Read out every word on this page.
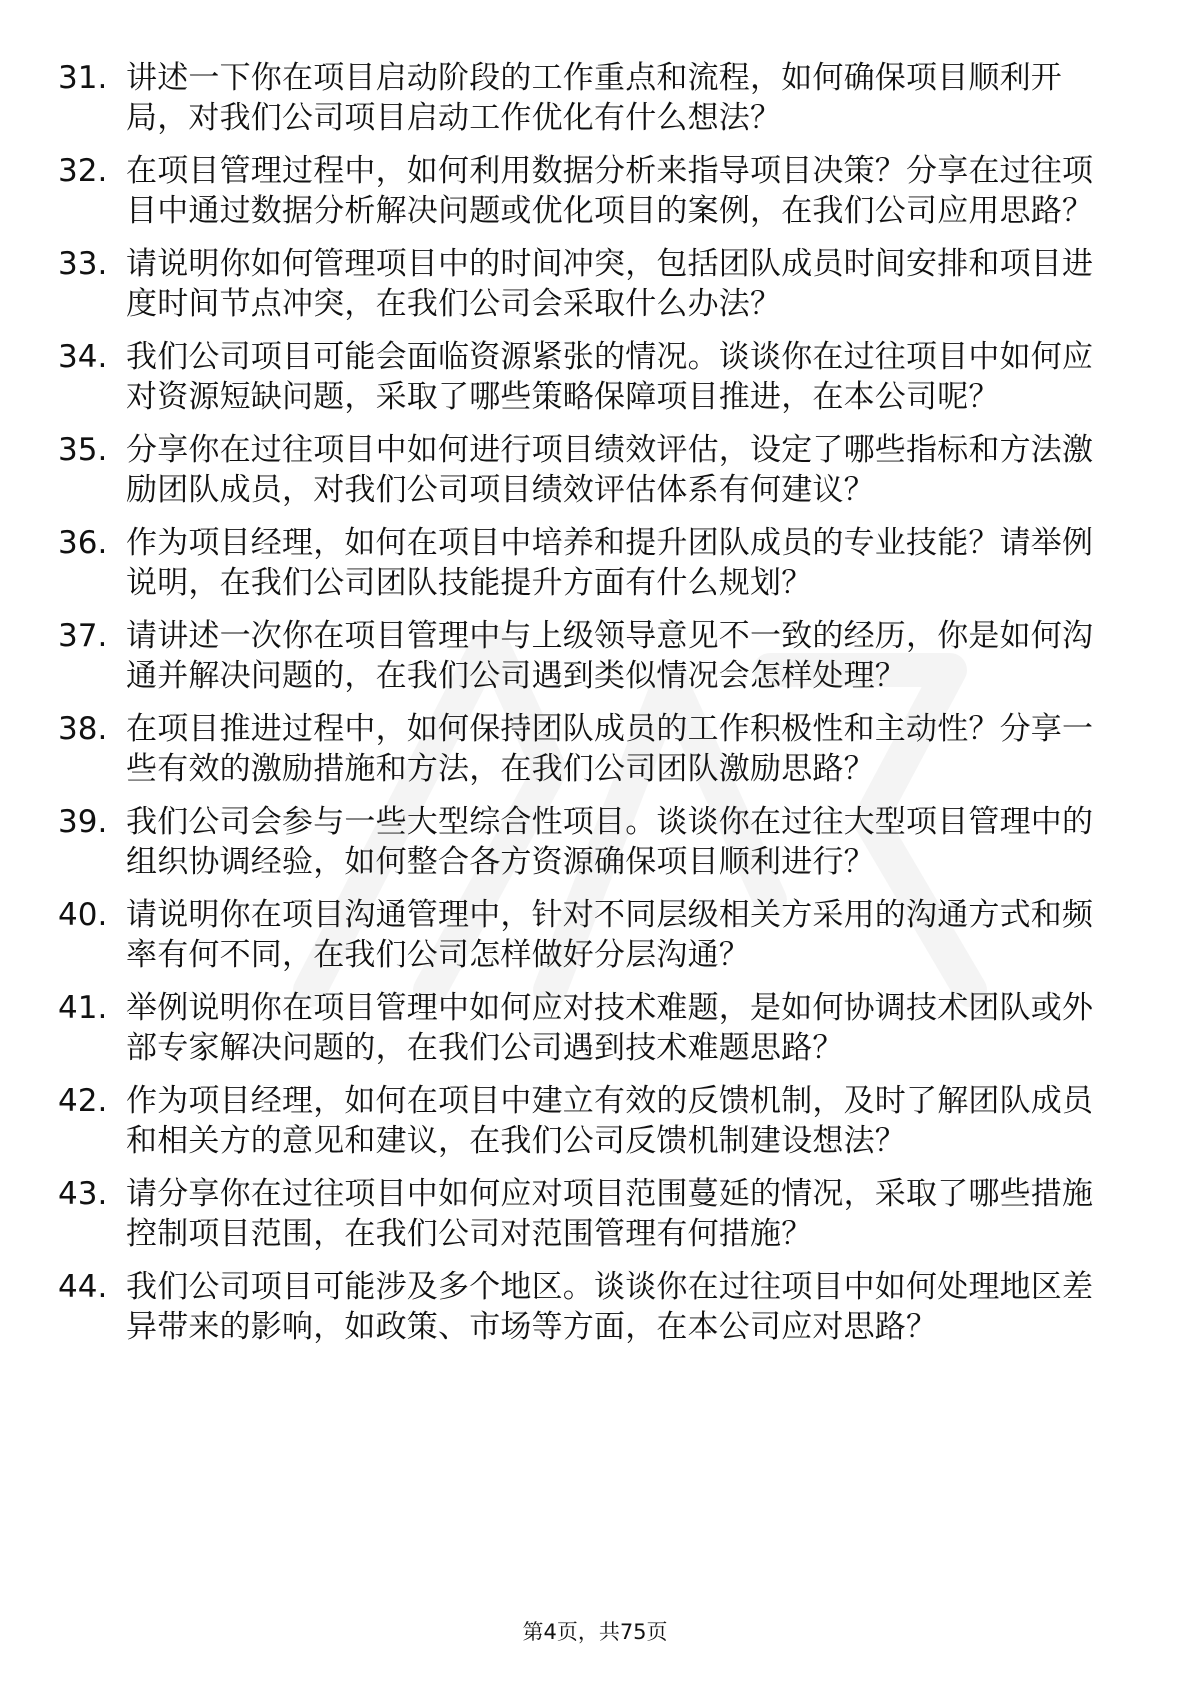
31. 讲述一下你在项目启动阶段的工作重点和流程，如何确保项目顺利开局，对我们公司项目启动工作优化有什么想法？
32. 在项目管理过程中，如何利用数据分析来指导项目决策？分享在过往项目中通过数据分析解决问题或优化项目的案例，在我们公司应用思路？
33. 请说明你如何管理项目中的时间冲突，包括团队成员时间安排和项目进度时间节点冲突，在我们公司会采取什么办法？
34. 我们公司项目可能会面临资源紧张的情况。谈谈你在过往项目中如何应对资源短缺问题，采取了哪些策略保障项目推进，在本公司呢？
35. 分享你在过往项目中如何进行项目绩效评估，设定了哪些指标和方法激励团队成员，对我们公司项目绩效评估体系有何建议？
36. 作为项目经理，如何在项目中培养和提升团队成员的专业技能？请举例说明，在我们公司团队技能提升方面有什么规划？
37. 请讲述一次你在项目管理中与上级领导意见不一致的经历，你是如何沟通并解决问题的，在我们公司遇到类似情况会怎样处理？
38. 在项目推进过程中，如何保持团队成员的工作积极性和主动性？分享一些有效的激励措施和方法，在我们公司团队激励思路？
39. 我们公司会参与一些大型综合性项目。谈谈你在过往大型项目管理中的组织协调经验，如何整合各方资源确保项目顺利进行？
40. 请说明你在项目沟通管理中，针对不同层级相关方采用的沟通方式和频率有何不同，在我们公司怎样做好分层沟通？
41. 举例说明你在项目管理中如何应对技术难题，是如何协调技术团队或外部专家解决问题的，在我们公司遇到技术难题思路？
42. 作为项目经理，如何在项目中建立有效的反馈机制，及时了解团队成员和相关方的意见和建议，在我们公司反馈机制建设想法？
43. 请分享你在过往项目中如何应对项目范围蔓延的情况，采取了哪些措施控制项目范围，在我们公司对范围管理有何措施？
44. 我们公司项目可能涉及多个地区。谈谈你在过往项目中如何处理地区差异带来的影响，如政策、市场等方面，在本公司应对思路？
第4页，共75页
